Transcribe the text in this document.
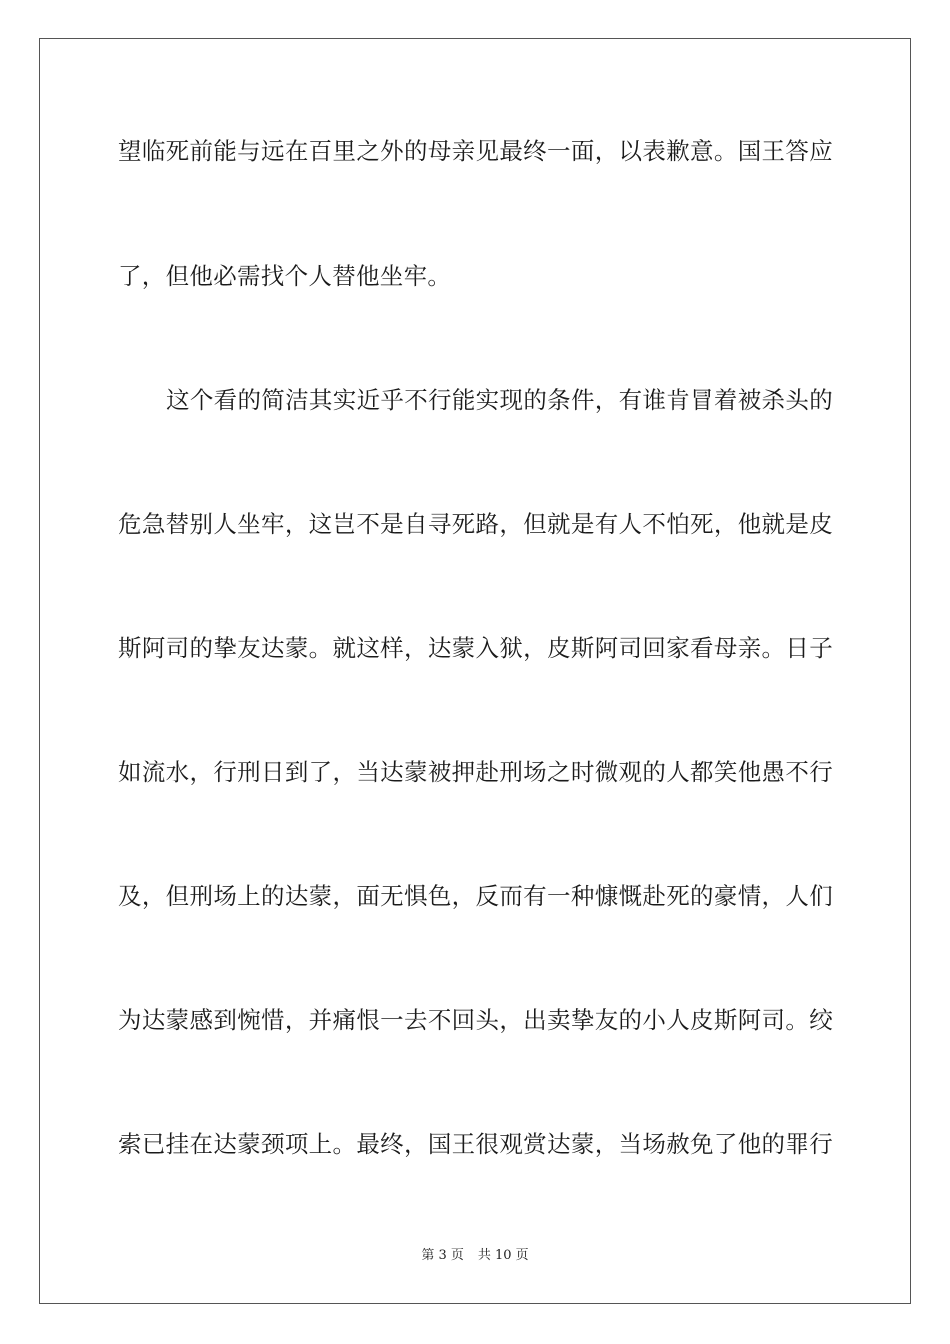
望临死前能与远在百里之外的母亲见最终一面，以表歉意。国王答应
了，但他必需找个人替他坐牢。
这个看的简洁其实近乎不行能实现的条件，有谁肯冒着被杀头的
危急替别人坐牢，这岂不是自寻死路，但就是有人不怕死，他就是皮
斯阿司的挚友达蒙。就这样，达蒙入狱，皮斯阿司回家看母亲。日子
如流水，行刑日到了，当达蒙被押赴刑场之时微观的人都笑他愚不行
及，但刑场上的达蒙，面无惧色，反而有一种慷慨赴死的豪情，人们
为达蒙感到惋惜，并痛恨一去不回头，出卖挚友的小人皮斯阿司。绞
索已挂在达蒙颈项上。最终，国王很观赏达蒙，当场赦免了他的罪行
第 3 页 共 10 页
